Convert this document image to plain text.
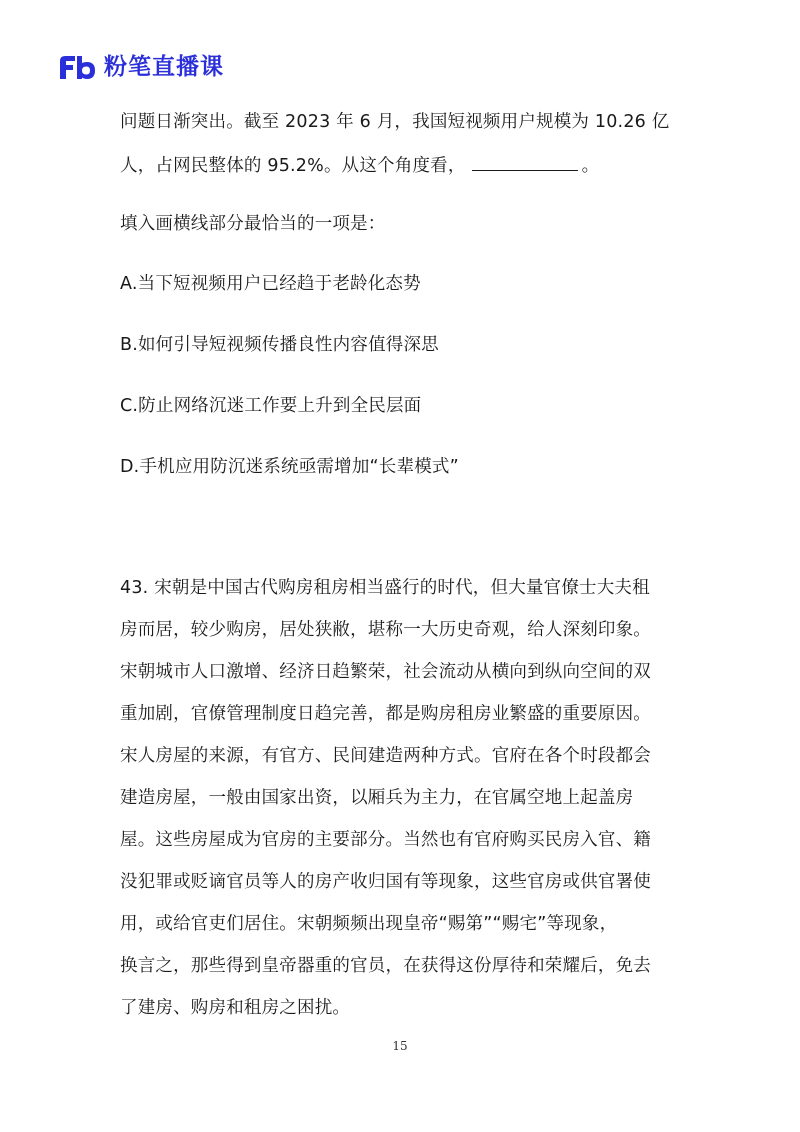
粉笔直播课
问题日渐突出。截至 2023 年 6 月，我国短视频用户规模为 10.26 亿
人，占网民整体的 95.2%。从这个角度看，	。
填入画横线部分最恰当的一项是：
A.当下短视频用户已经趋于老龄化态势
B.如何引导短视频传播良性内容值得深思
C.防止网络沉迷工作要上升到全民层面
D.手机应用防沉迷系统亟需增加“长辈模式”
43. 宋朝是中国古代购房租房相当盛行的时代，但大量官僚士大夫租
房而居，较少购房，居处狭敝，堪称一大历史奇观，给人深刻印象。
宋朝城市人口激增、经济日趋繁荣，社会流动从横向到纵向空间的双
重加剧，官僚管理制度日趋完善，都是购房租房业繁盛的重要原因。
宋人房屋的来源，有官方、民间建造两种方式。官府在各个时段都会
建造房屋，一般由国家出资，以厢兵为主力，在官属空地上起盖房
屋。这些房屋成为官房的主要部分。当然也有官府购买民房入官、籍
没犯罪或贬谪官员等人的房产收归国有等现象，这些官房或供官署使
用，或给官吏们居住。宋朝频频出现皇帝“赐第”“赐宅”等现象，
换言之，那些得到皇帝器重的官员，在获得这份厚待和荣耀后，免去
了建房、购房和租房之困扰。
15
